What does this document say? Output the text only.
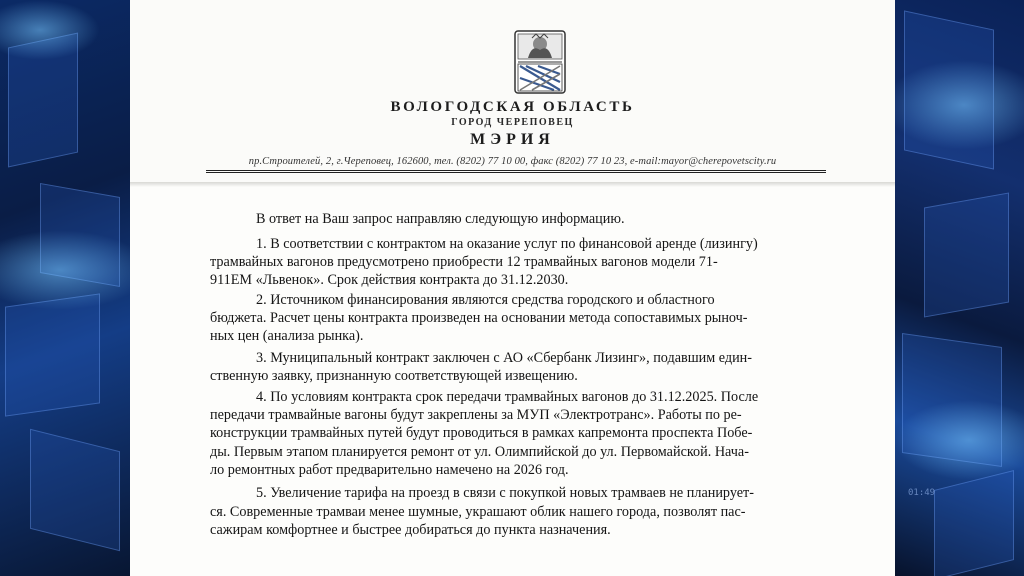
01:49
ВОЛОГОДСКАЯ ОБЛАСТЬ
ГОРОД ЧЕРЕПОВЕЦ
МЭРИЯ
пр.Строителей, 2, г.Череповец, 162600, тел. (8202) 77 10 00, факс (8202) 77 10 23, e-mail:mayor@cherepovetscity.ru
В ответ на Ваш запрос направляю следующую информацию.
1. В соответствии с контрактом на оказание услуг по финансовой аренде (лизингу)
трамвайных вагонов предусмотрено приобрести 12 трамвайных вагонов модели 71-
911ЕМ «Львенок». Срок действия контракта до 31.12.2030.
2. Источником финансирования являются средства городского и областного
бюджета. Расчет цены контракта произведен на основании метода сопоставимых рыноч-
ных цен (анализа рынка).
3. Муниципальный контракт заключен с АО «Сбербанк Лизинг», подавшим един-
ственную заявку, признанную соответствующей извещению.
4. По условиям контракта срок передачи трамвайных вагонов до 31.12.2025. После
передачи трамвайные вагоны будут закреплены за МУП «Электротранс». Работы по ре-
конструкции трамвайных путей будут проводиться в рамках капремонта проспекта Побе-
ды. Первым этапом планируется ремонт от ул. Олимпийской до ул. Первомайской. Нача-
ло ремонтных работ предварительно намечено на 2026 год.
5. Увеличение тарифа на проезд в связи с покупкой новых трамваев не планирует-
ся. Современные трамваи менее шумные, украшают облик нашего города, позволят пас-
сажирам комфортнее и быстрее добираться до пункта назначения.
